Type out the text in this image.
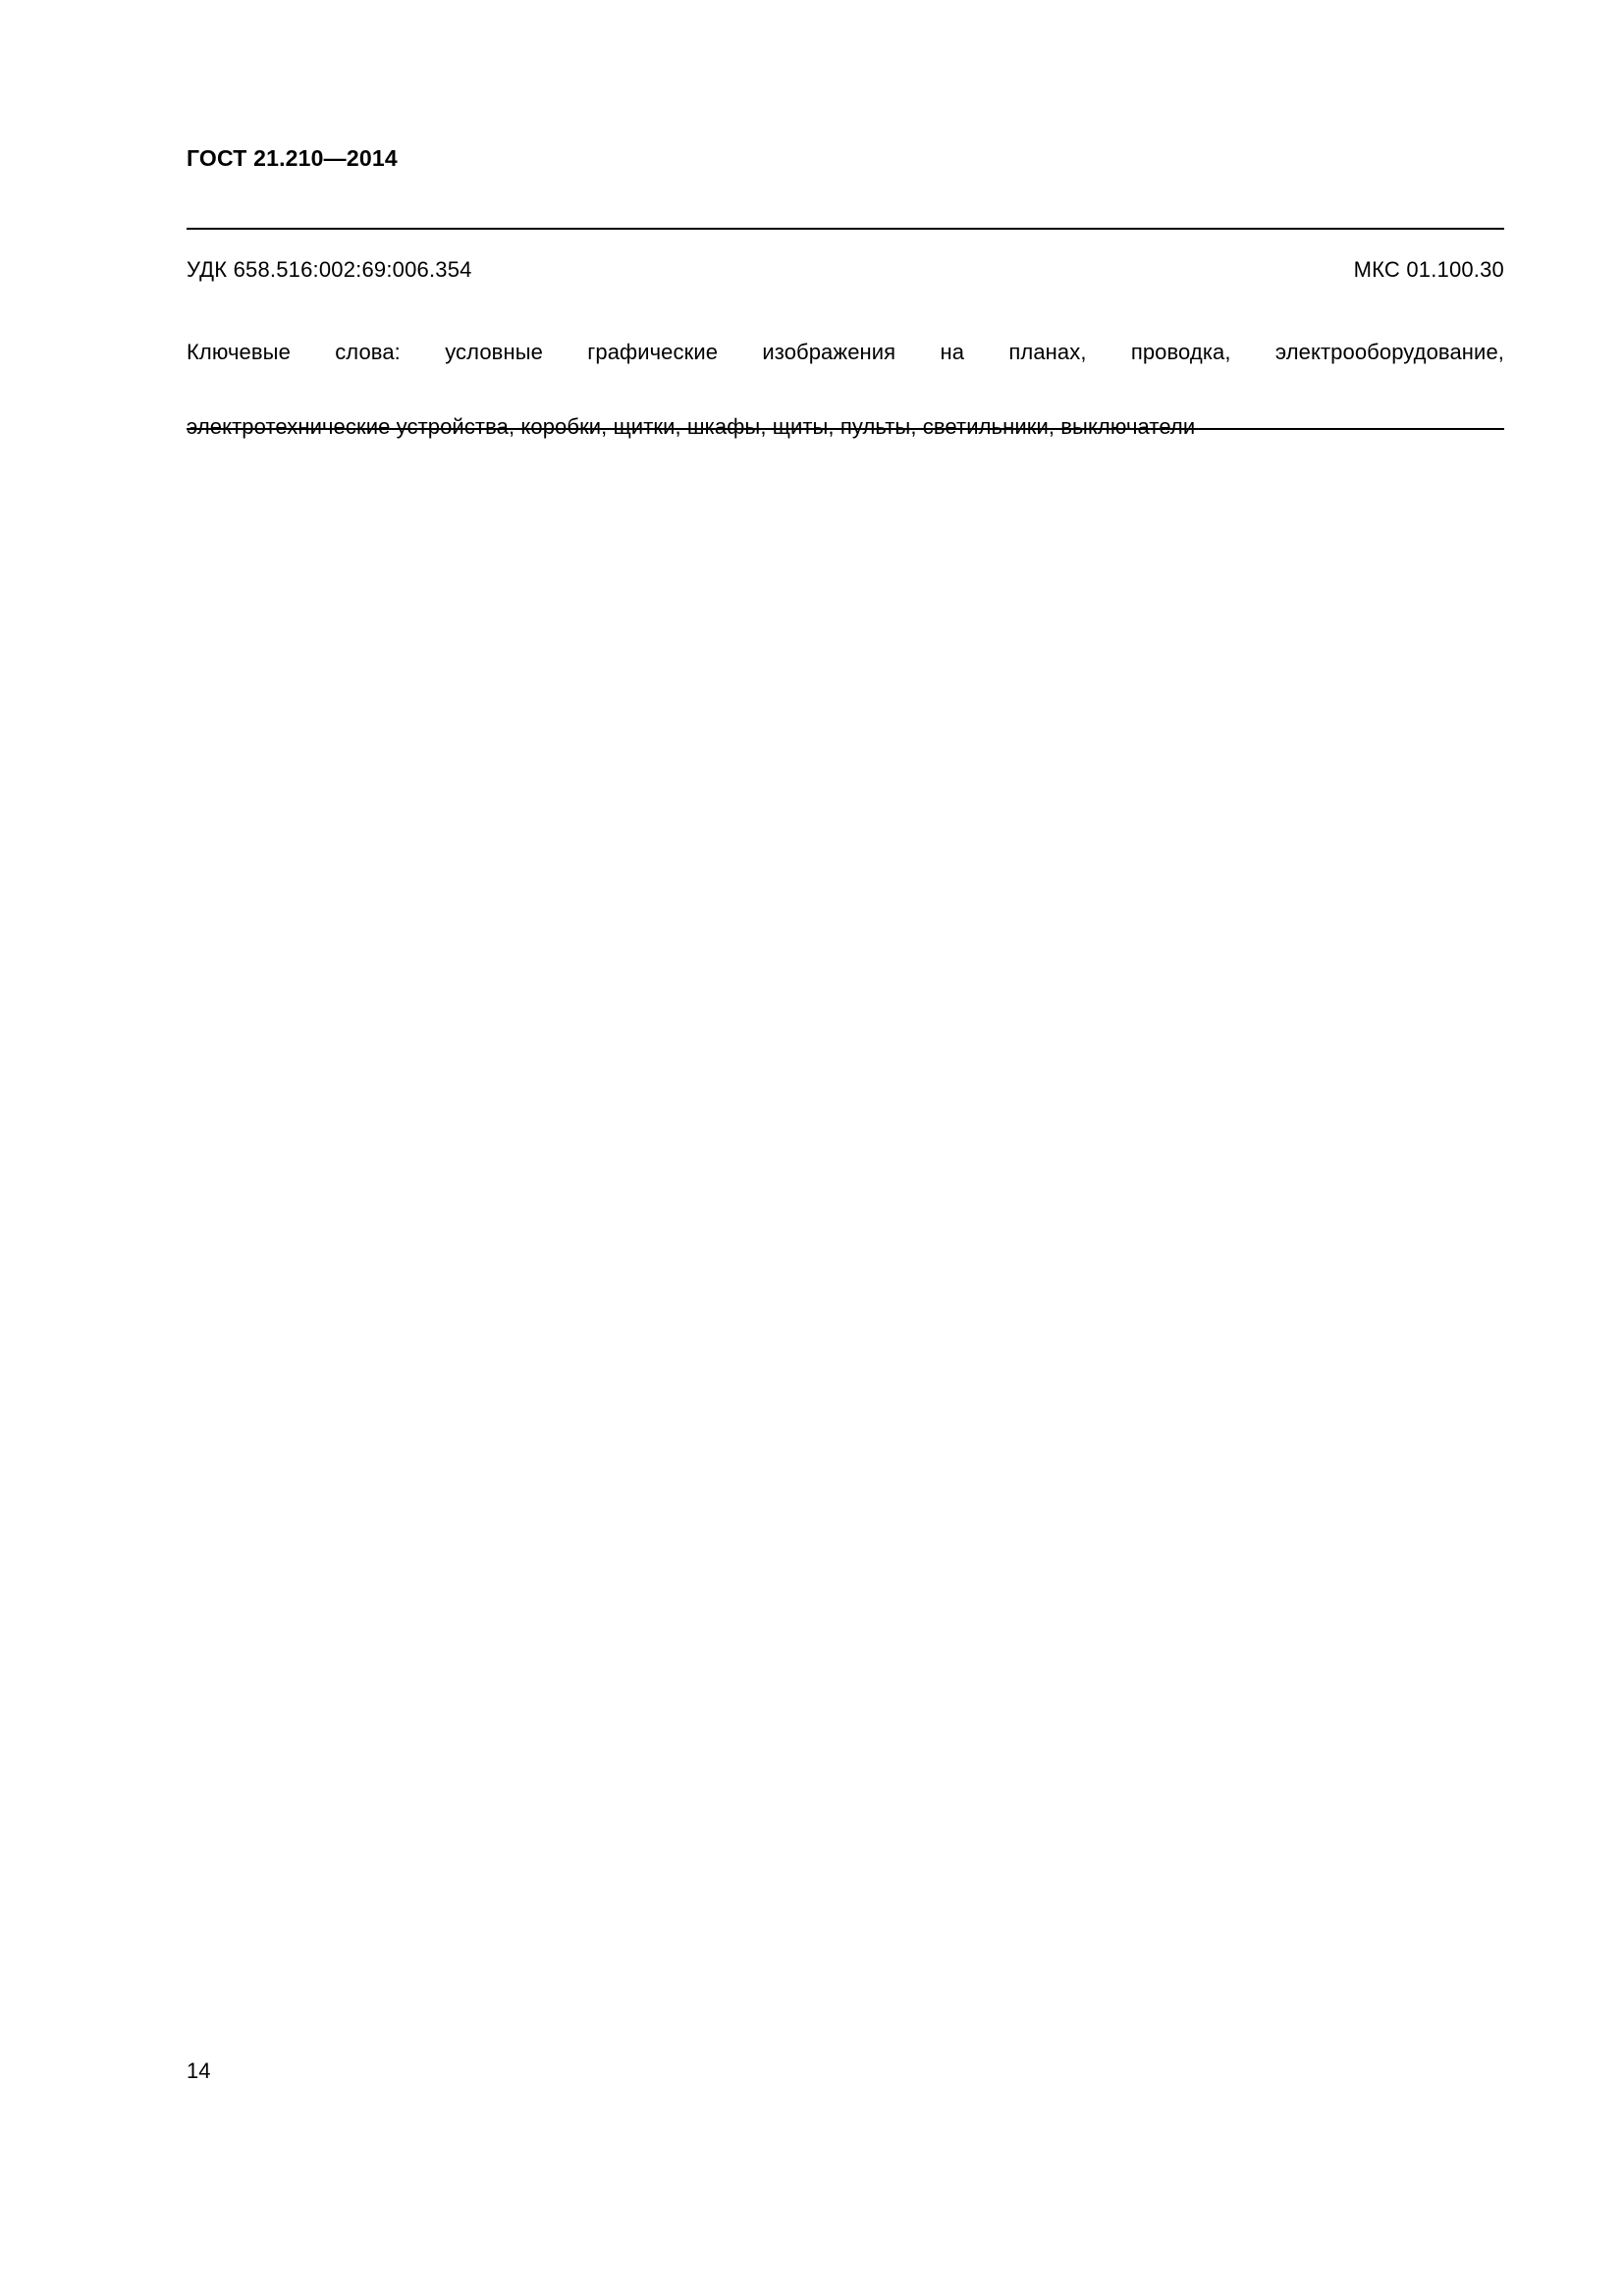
ГОСТ 21.210—2014
УДК 658.516:002:69:006.354	МКС 01.100.30
Ключевые слова: условные графические изображения на планах, проводка, электрооборудование,
электротехнические устройства, коробки, щитки, шкафы, щиты, пульты, светильники, выключатели
14
